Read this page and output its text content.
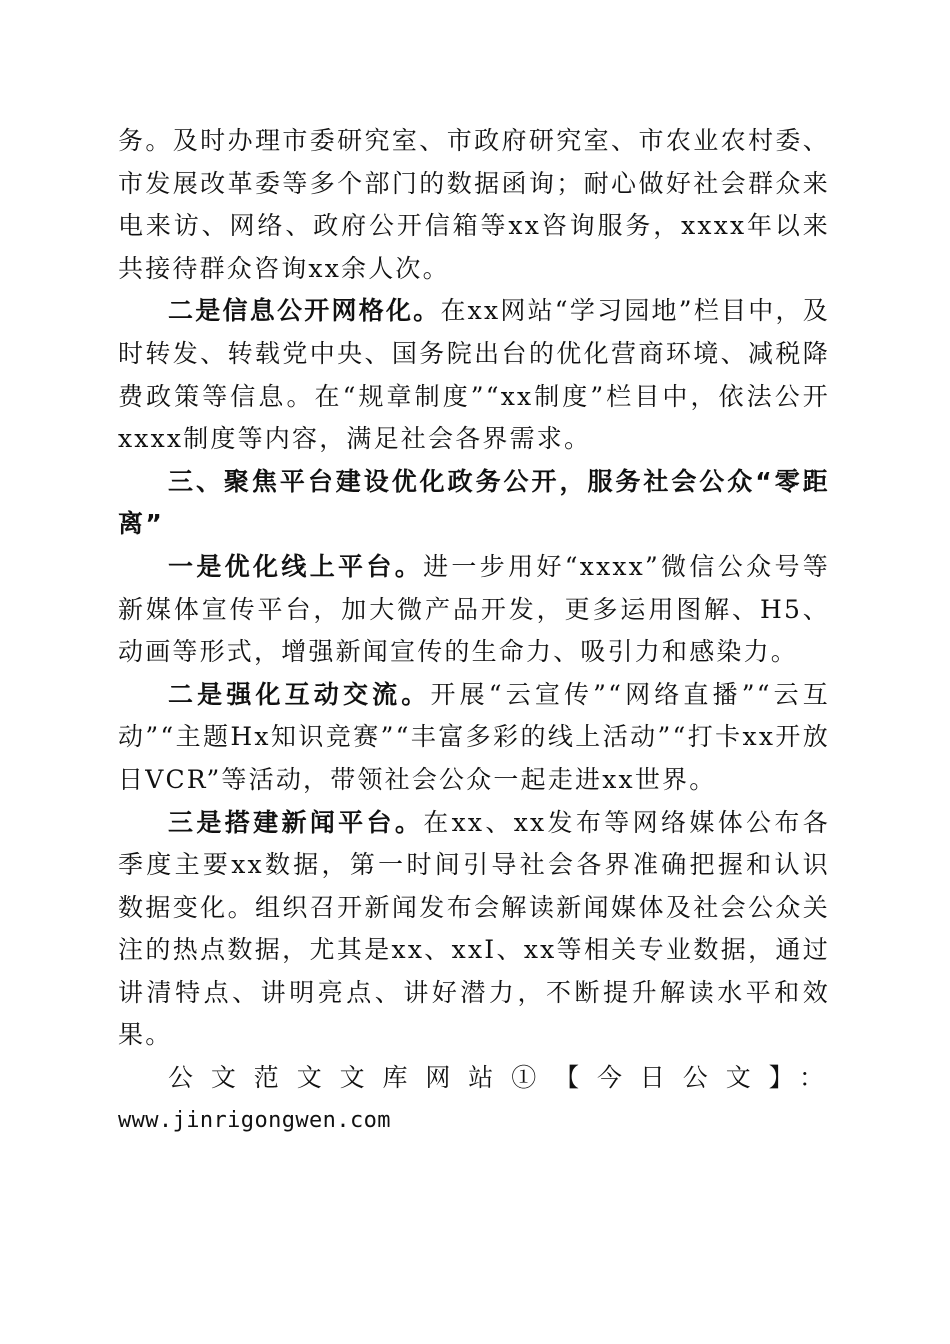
务。及时办理市委研究室、市政府研究室、市农业农村委、市发展改革委等多个部门的数据函询；耐心做好社会群众来电来访、网络、政府公开信箱等xx咨询服务，xxxx年以来共接待群众咨询xx余人次。

二是信息公开网格化。在xx网站“学习园地”栏目中，及时转发、转载党中央、国务院出台的优化营商环境、减税降费政策等信息。在“规章制度”“xx制度”栏目中，依法公开xxxx制度等内容，满足社会各界需求。

三、聚焦平台建设优化政务公开，服务社会公众“零距离”

一是优化线上平台。进一步用好“xxxx”微信公众号等新媒体宣传平台，加大微产品开发，更多运用图解、H5、动画等形式，增强新闻宣传的生命力、吸引力和感染力。

二是强化互动交流。开展“云宣传”“网络直播”“云互动”“主题Hx知识竞赛”“丰富多彩的线上活动”“打卡xx开放日VCR”等活动，带领社会公众一起走进xx世界。

三是搭建新闻平台。在xx、xx发布等网络媒体公布各季度主要xx数据，第一时间引导社会各界准确把握和认识数据变化。组织召开新闻发布会解读新闻媒体及社会公众关注的热点数据，尤其是xx、xxI、xx等相关专业数据，通过讲清特点、讲明亮点、讲好潜力，不断提升解读水平和效果。

公文范文文库网站①【今日公文】：

www.jinrigongwen.com
